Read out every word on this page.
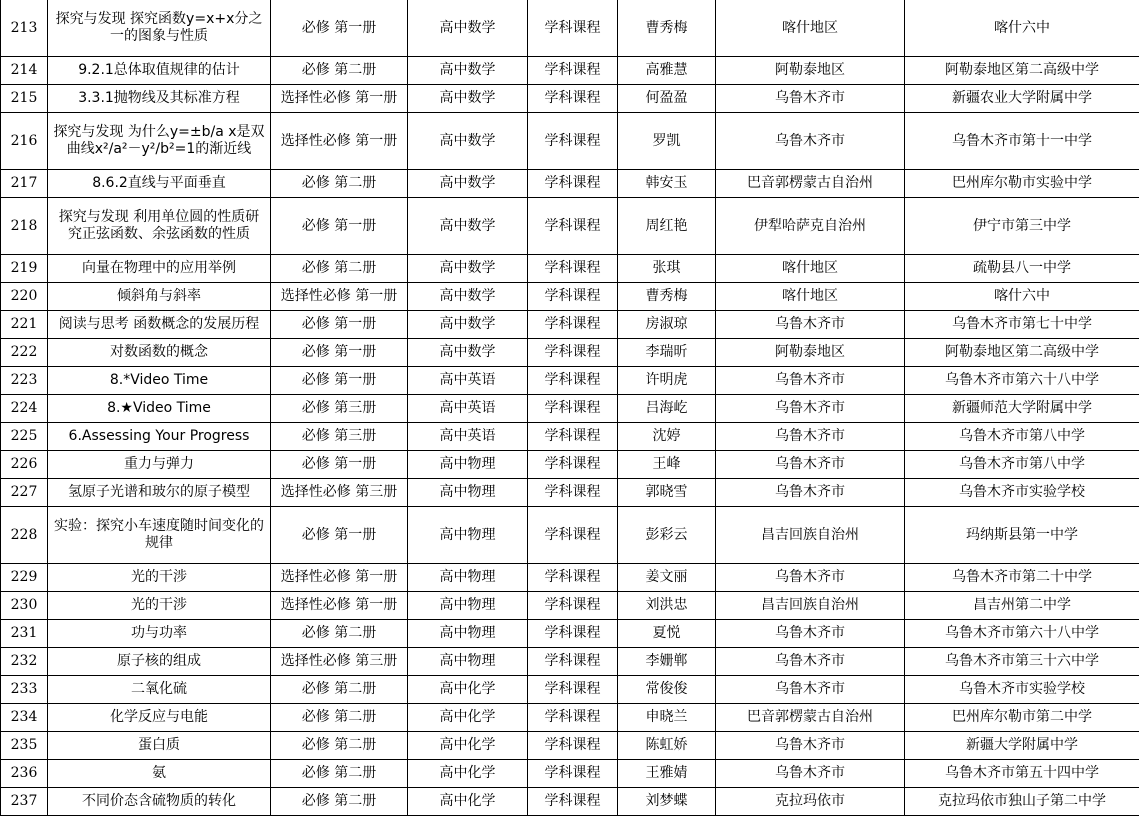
213	探究与发现 探究函数y=x+x分之一的图象与性质	必修 第一册	高中数学	学科课程	曹秀梅	喀什地区	喀什六中
214	9.2.1总体取值规律的估计	必修 第二册	高中数学	学科课程	高雅慧	阿勒泰地区	阿勒泰地区第二高级中学
215	3.3.1抛物线及其标准方程	选择性必修 第一册	高中数学	学科课程	何盈盈	乌鲁木齐市	新疆农业大学附属中学
216	探究与发现 为什么y=±b/a x是双曲线x²/a²－y²/b²=1的渐近线	选择性必修 第一册	高中数学	学科课程	罗凯	乌鲁木齐市	乌鲁木齐市第十一中学
217	8.6.2直线与平面垂直	必修 第二册	高中数学	学科课程	韩安玉	巴音郭楞蒙古自治州	巴州库尔勒市实验中学
218	探究与发现 利用单位圆的性质研究正弦函数、余弦函数的性质	必修 第一册	高中数学	学科课程	周红艳	伊犁哈萨克自治州	伊宁市第三中学
219	向量在物理中的应用举例	必修 第二册	高中数学	学科课程	张琪	喀什地区	疏勒县八一中学
220	倾斜角与斜率	选择性必修 第一册	高中数学	学科课程	曹秀梅	喀什地区	喀什六中
221	阅读与思考 函数概念的发展历程	必修 第一册	高中数学	学科课程	房淑琼	乌鲁木齐市	乌鲁木齐市第七十中学
222	对数函数的概念	必修 第一册	高中数学	学科课程	李瑞昕	阿勒泰地区	阿勒泰地区第二高级中学
223	8.*Video Time	必修 第一册	高中英语	学科课程	许明虎	乌鲁木齐市	乌鲁木齐市第六十八中学
224	8.★Video Time	必修 第三册	高中英语	学科课程	吕海屹	乌鲁木齐市	新疆师范大学附属中学
225	6.Assessing Your Progress	必修 第三册	高中英语	学科课程	沈婷	乌鲁木齐市	乌鲁木齐市第八中学
226	重力与弹力	必修 第一册	高中物理	学科课程	王峰	乌鲁木齐市	乌鲁木齐市第八中学
227	氢原子光谱和玻尔的原子模型	选择性必修 第三册	高中物理	学科课程	郭晓雪	乌鲁木齐市	乌鲁木齐市实验学校
228	实验：探究小车速度随时间变化的规律	必修 第一册	高中物理	学科课程	彭彩云	昌吉回族自治州	玛纳斯县第一中学
229	光的干涉	选择性必修 第一册	高中物理	学科课程	姜文丽	乌鲁木齐市	乌鲁木齐市第二十中学
230	光的干涉	选择性必修 第一册	高中物理	学科课程	刘洪忠	昌吉回族自治州	昌吉州第二中学
231	功与功率	必修 第二册	高中物理	学科课程	夏悦	乌鲁木齐市	乌鲁木齐市第六十八中学
232	原子核的组成	选择性必修 第三册	高中物理	学科课程	李姗郸	乌鲁木齐市	乌鲁木齐市第三十六中学
233	二氧化硫	必修 第二册	高中化学	学科课程	常俊俊	乌鲁木齐市	乌鲁木齐市实验学校
234	化学反应与电能	必修 第二册	高中化学	学科课程	申晓兰	巴音郭楞蒙古自治州	巴州库尔勒市第二中学
235	蛋白质	必修 第二册	高中化学	学科课程	陈虹娇	乌鲁木齐市	新疆大学附属中学
236	氨	必修 第二册	高中化学	学科课程	王雅婧	乌鲁木齐市	乌鲁木齐市第五十四中学
237	不同价态含硫物质的转化	必修 第二册	高中化学	学科课程	刘梦蝶	克拉玛依市	克拉玛依市独山子第二中学
